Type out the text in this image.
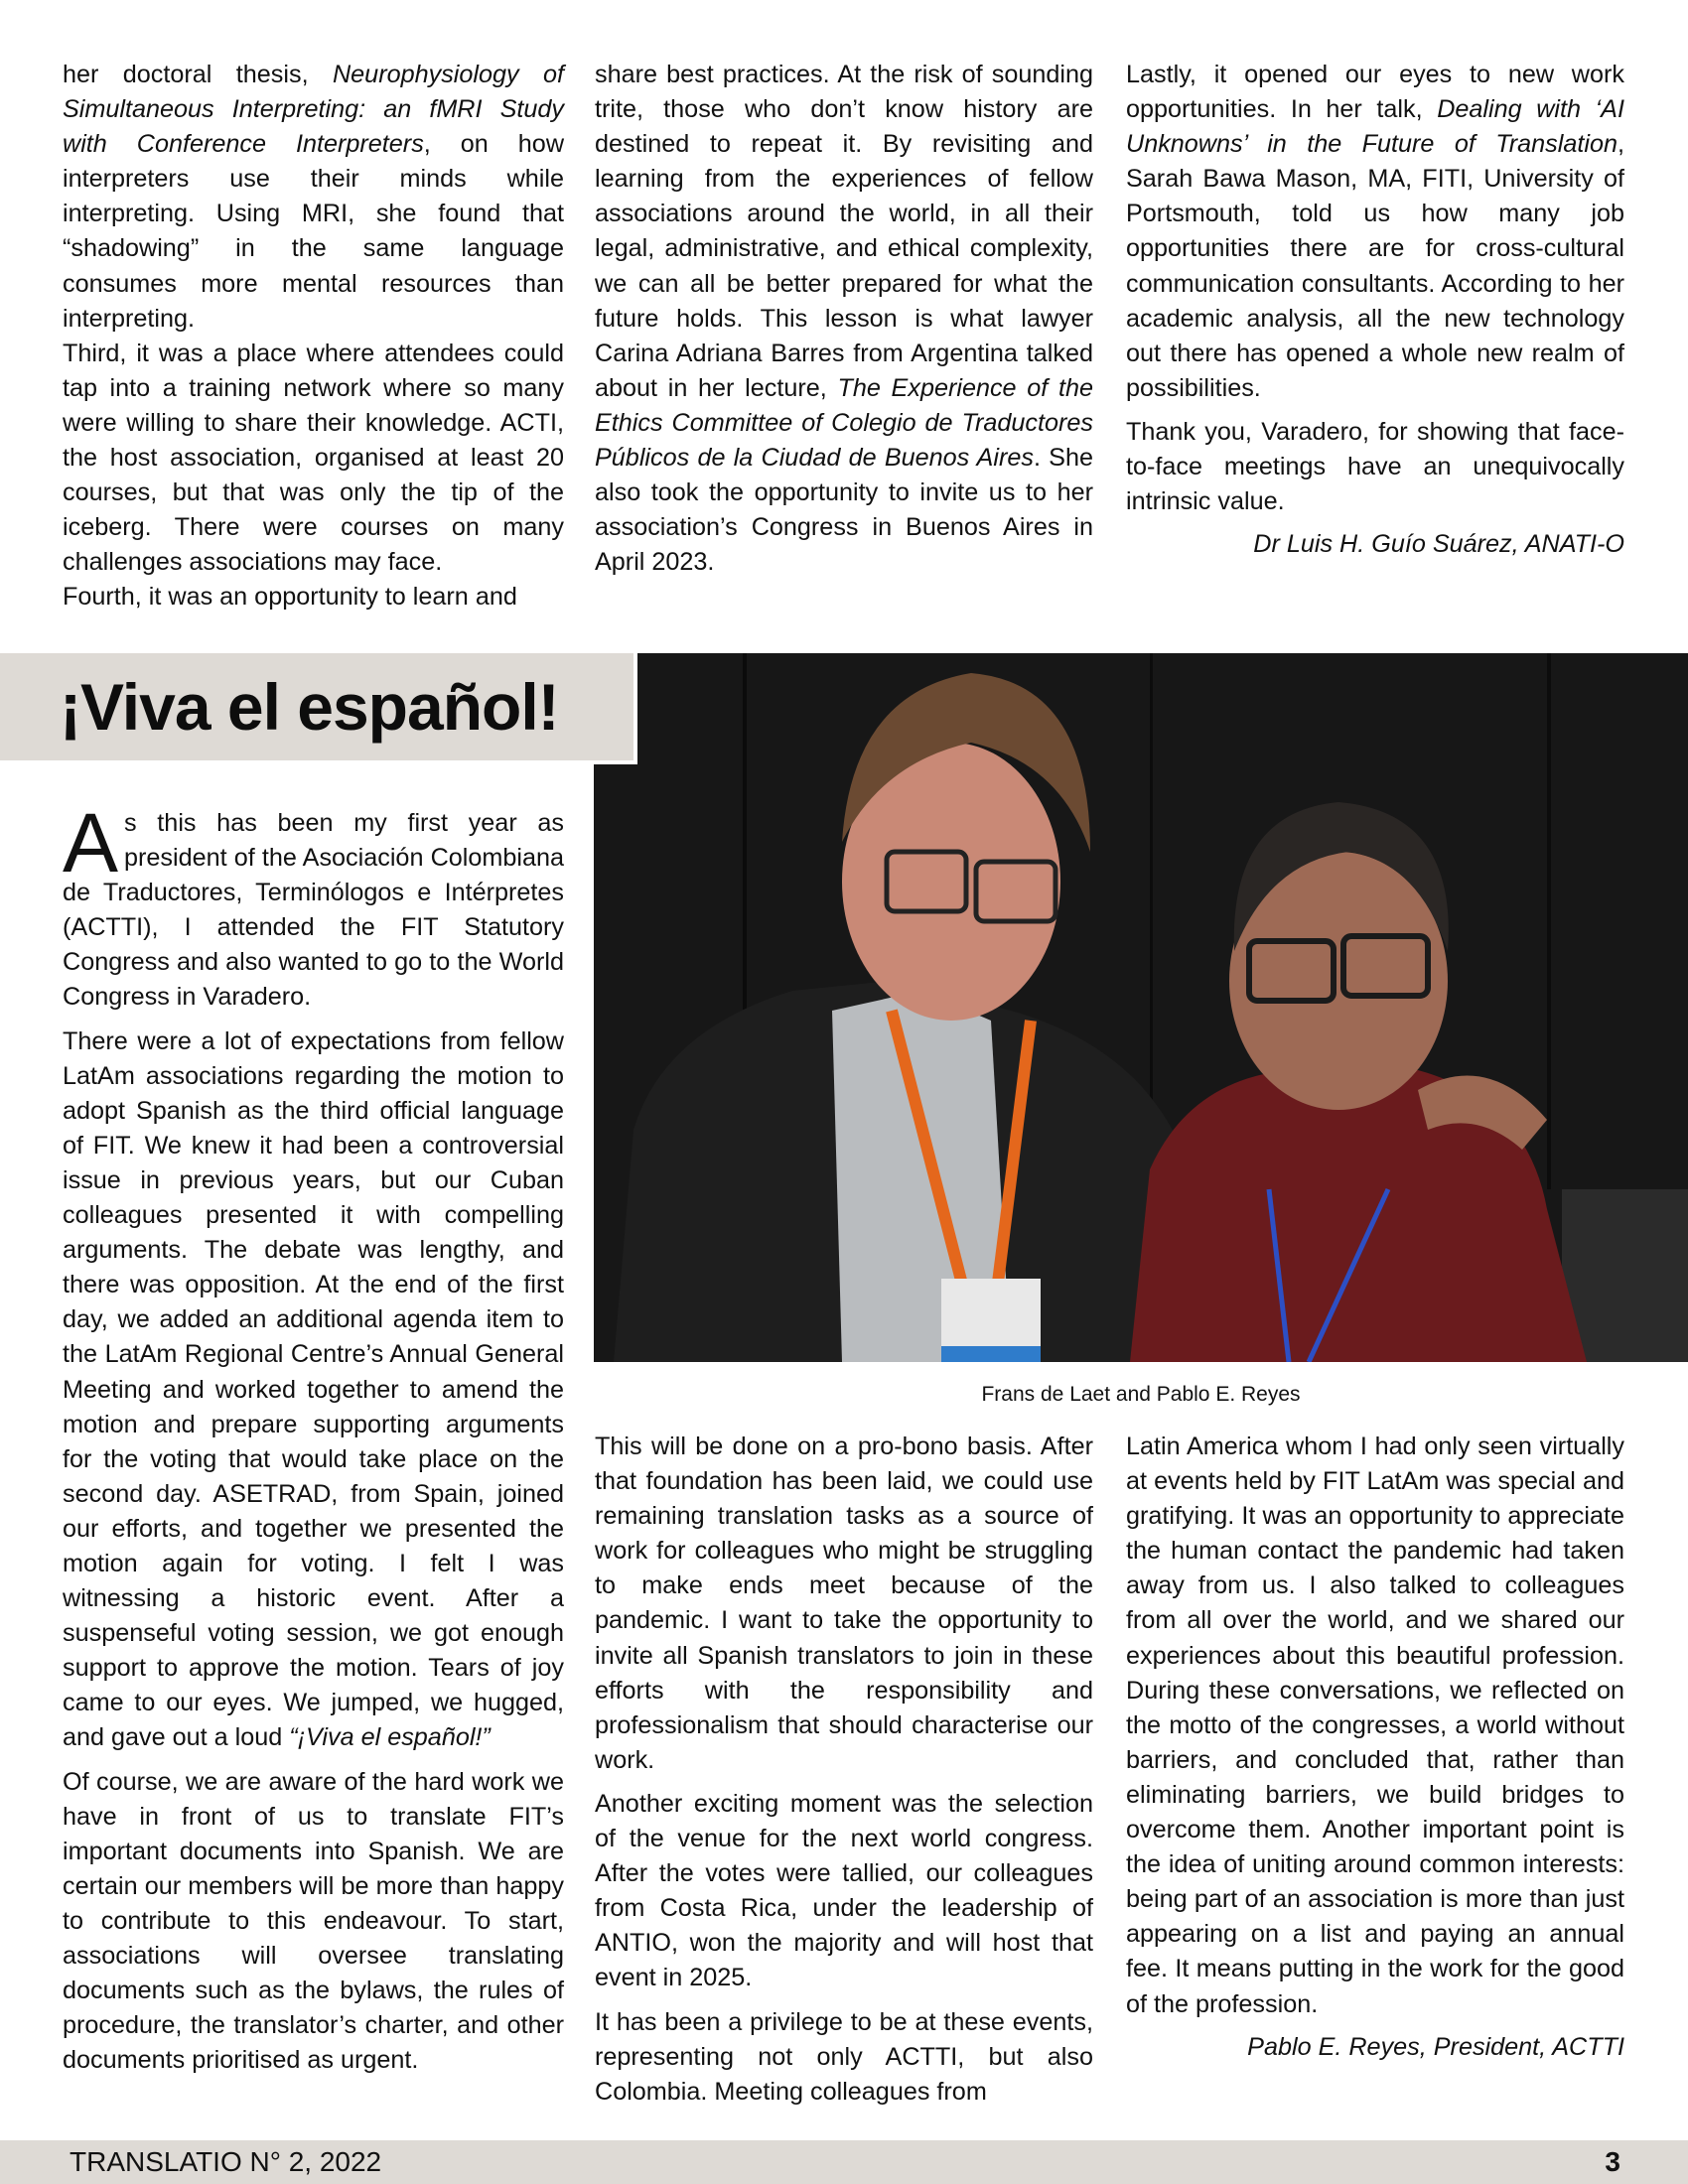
her doctoral thesis, Neurophysiology of Simultaneous Interpreting: an fMRI Study with Conference Interpreters, on how interpreters use their minds while interpreting. Using MRI, she found that “shadowing” in the same language consumes more mental resources than interpreting.

Third, it was a place where attendees could tap into a training network where so many were willing to share their knowledge. ACTI, the host association, organised at least 20 courses, but that was only the tip of the iceberg. There were courses on many challenges associations may face.

Fourth, it was an opportunity to learn and

share best practices. At the risk of sounding trite, those who don’t know history are destined to repeat it. By revisiting and learning from the experiences of fellow associations around the world, in all their legal, administrative, and ethical complexity, we can all be better prepared for what the future holds. This lesson is what lawyer Carina Adriana Barres from Argentina talked about in her lecture, The Experience of the Ethics Committee of Colegio de Traductores Públicos de la Ciudad de Buenos Aires. She also took the opportunity to invite us to her association’s Congress in Buenos Aires in April 2023.

Lastly, it opened our eyes to new work opportunities. In her talk, Dealing with ‘AI Unknowns’ in the Future of Translation, Sarah Bawa Mason, MA, FITI, University of Portsmouth, told us how many job opportunities there are for cross-cultural communication consultants. According to her academic analysis, all the new technology out there has opened a whole new realm of possibilities.

Thank you, Varadero, for showing that face-to-face meetings have an unequivocally intrinsic value.

Dr Luis H. Guío Suárez, ANATI-O

¡Viva el español!
Frans de Laet and Pablo E. Reyes

As this has been my first year as president of the Asociación Colombiana de Traductores, Terminólogos e Intérpretes (ACTTI), I attended the FIT Statutory Congress and also wanted to go to the World Congress in Varadero.

There were a lot of expectations from fellow LatAm associations regarding the motion to adopt Spanish as the third official language of FIT. We knew it had been a controversial issue in previous years, but our Cuban colleagues presented it with compelling arguments. The debate was lengthy, and there was opposition. At the end of the first day, we added an additional agenda item to the LatAm Regional Centre’s Annual General Meeting and worked together to amend the motion and prepare supporting arguments for the voting that would take place on the second day. ASETRAD, from Spain, joined our efforts, and together we presented the motion again for voting. I felt I was witnessing a historic event. After a suspenseful voting session, we got enough support to approve the motion. Tears of joy came to our eyes. We jumped, we hugged, and gave out a loud “¡Viva el español!”

Of course, we are aware of the hard work we have in front of us to translate FIT’s important documents into Spanish. We are certain our members will be more than happy to contribute to this endeavour. To start, associations will oversee translating documents such as the bylaws, the rules of procedure, the translator’s charter, and other documents prioritised as urgent.

This will be done on a pro-bono basis. After that foundation has been laid, we could use remaining translation tasks as a source of work for colleagues who might be struggling to make ends meet because of the pandemic. I want to take the opportunity to invite all Spanish translators to join in these efforts with the responsibility and professionalism that should characterise our work.

Another exciting moment was the selection of the venue for the next world congress. After the votes were tallied, our colleagues from Costa Rica, under the leadership of ANTIO, won the majority and will host that event in 2025.

It has been a privilege to be at these events, representing not only ACTTI, but also Colombia. Meeting colleagues from

Latin America whom I had only seen virtually at events held by FIT LatAm was special and gratifying. It was an opportunity to appreciate the human contact the pandemic had taken away from us. I also talked to colleagues from all over the world, and we shared our experiences about this beautiful profession. During these conversations, we reflected on the motto of the congresses, a world without barriers, and concluded that, rather than eliminating barriers, we build bridges to overcome them. Another important point is the idea of uniting around common interests: being part of an association is more than just appearing on a list and paying an annual fee. It means putting in the work for the good of the profession.

Pablo E. Reyes, President, ACTTI

TRANSLATIO N° 2, 2022	3
